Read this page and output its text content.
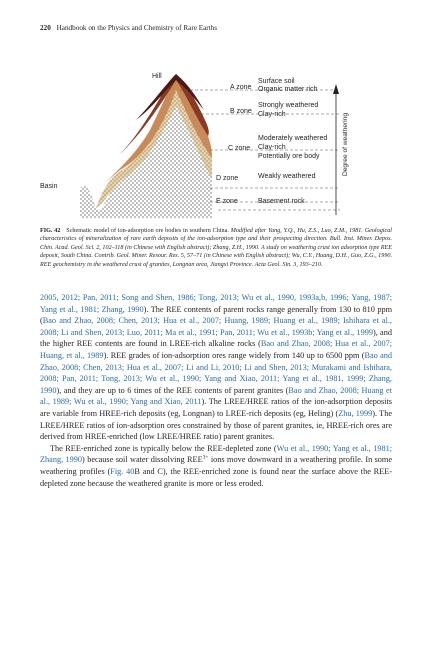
220 Handbook on the Physics and Chemistry of Rare Earths
Hill
Basin
A zone
B zone
C zone
D zone
E zone
Surface soil
Organic matter rich
Strongly weathered
Clay-rich
Moderately weathered
Clay-rich
Potentially ore body
Weakly weathered
Basement rock
Degree of weathering
FIG. 42 Schematic model of ion-adsorption ore bodies in southern China. Modified after Yang, Y.Q., Hu, Z.S., Luo, Z.M., 1981. Geological characteristics of mineralization of rare earth deposits of the ion-adsorption type and their prospecting direction. Bull. Inst. Miner. Depos. Chin. Acad. Geol. Sci. 2, 102–118 (in Chinese with English abstract); Zhang, Z.H., 1990. A study on weathering crust ion adsorption type REE deposit, South China. Contrib. Geol. Miner. Resour. Res. 5, 57–71 (in Chinese with English abstract); Wu, C.Y., Huang, D.H., Guo, Z.G., 1990. REE geochemistry in the weathered crust of granites, Longnan area, Jiangxi Province. Acta Geol. Sin. 3, 193–210.

2005, 2012; Pan, 2011; Song and Shen, 1986; Tong, 2013; Wu et al., 1990, 1993a,b, 1996; Yang, 1987; Yang et al., 1981; Zhang, 1990). The REE contents of parent rocks range generally from 130 to 810 ppm (Bao and Zhao, 2008; Chen, 2013; Hua et al., 2007; Huang, 1989; Huang et al., 1989; Ishihara et al., 2008; Li and Shen, 2013; Luo, 2011; Ma et al., 1991; Pan, 2011; Wu et al., 1993b; Yang et al., 1999), and the higher REE contents are found in LREE-rich alkaline rocks (Bao and Zhao, 2008; Hua et al., 2007; Huang, et al., 1989). REE grades of ion-adsorption ores range widely from 140 up to 6500 ppm (Bao and Zhao, 2008; Chen, 2013; Hua et al., 2007; Li and Li, 2010; Li and Shen, 2013; Murakami and Ishihara, 2008; Pan, 2011; Tong, 2013; Wu et al., 1990; Yang and Xiao, 2011; Yang et al., 1981, 1999; Zhang, 1990), and they are up to 6 times of the REE contents of parent granites (Bao and Zhao, 2008; Huang et al., 1989; Wu et al., 1990; Yang and Xiao, 2011). The LREE/HREE ratios of the ion-adsorption deposits are variable from HREE-rich deposits (eg, Longnan) to LREE-rich deposits (eg, Heling) (Zhu, 1999). The LREE/HREE ratios of ion-adsorption ores constrained by those of parent granites, ie, HREE-rich ores are derived from HREE-enriched (low LREE/HREE ratio) parent granites.

The REE-enriched zone is typically below the REE-depleted zone (Wu et al., 1990; Yang et al., 1981; Zhang, 1990) because soil water dissolving $REE^{3+}$ ions move downward in a weathering profile. In some weathering profiles (Fig. 40B and C), the REE-enriched zone is found near the surface above the REE-depleted zone because the weathered granite is more or less eroded.
